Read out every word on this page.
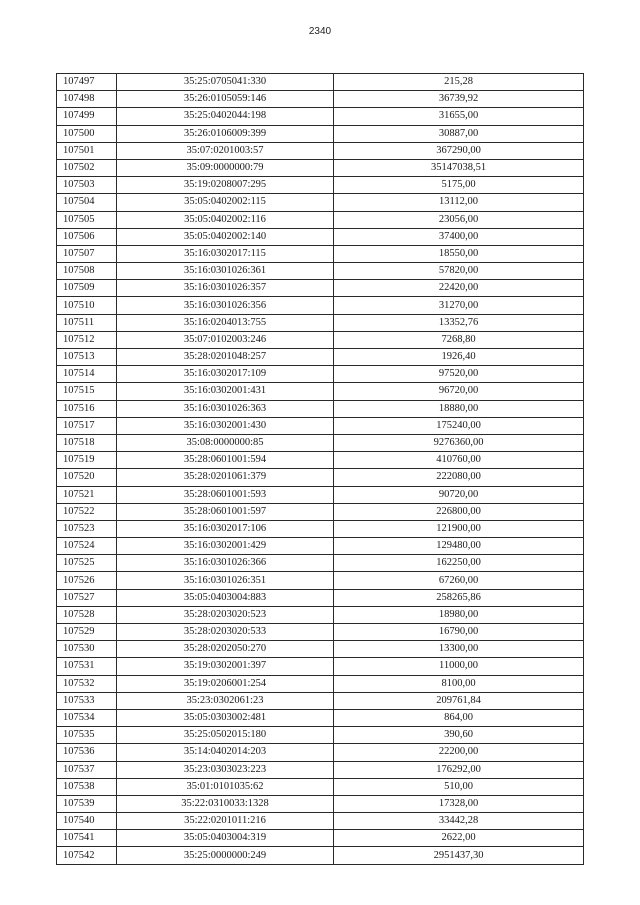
2340
107497	35:25:0705041:330	215,28
107498	35:26:0105059:146	36739,92
107499	35:25:0402044:198	31655,00
107500	35:26:0106009:399	30887,00
107501	35:07:0201003:57	367290,00
107502	35:09:0000000:79	35147038,51
107503	35:19:0208007:295	5175,00
107504	35:05:0402002:115	13112,00
107505	35:05:0402002:116	23056,00
107506	35:05:0402002:140	37400,00
107507	35:16:0302017:115	18550,00
107508	35:16:0301026:361	57820,00
107509	35:16:0301026:357	22420,00
107510	35:16:0301026:356	31270,00
107511	35:16:0204013:755	13352,76
107512	35:07:0102003:246	7268,80
107513	35:28:0201048:257	1926,40
107514	35:16:0302017:109	97520,00
107515	35:16:0302001:431	96720,00
107516	35:16:0301026:363	18880,00
107517	35:16:0302001:430	175240,00
107518	35:08:0000000:85	9276360,00
107519	35:28:0601001:594	410760,00
107520	35:28:0201061:379	222080,00
107521	35:28:0601001:593	90720,00
107522	35:28:0601001:597	226800,00
107523	35:16:0302017:106	121900,00
107524	35:16:0302001:429	129480,00
107525	35:16:0301026:366	162250,00
107526	35:16:0301026:351	67260,00
107527	35:05:0403004:883	258265,86
107528	35:28:0203020:523	18980,00
107529	35:28:0203020:533	16790,00
107530	35:28:0202050:270	13300,00
107531	35:19:0302001:397	11000,00
107532	35:19:0206001:254	8100,00
107533	35:23:0302061:23	209761,84
107534	35:05:0303002:481	864,00
107535	35:25:0502015:180	390,60
107536	35:14:0402014:203	22200,00
107537	35:23:0303023:223	176292,00
107538	35:01:0101035:62	510,00
107539	35:22:0310033:1328	17328,00
107540	35:22:0201011:216	33442,28
107541	35:05:0403004:319	2622,00
107542	35:25:0000000:249	2951437,30
